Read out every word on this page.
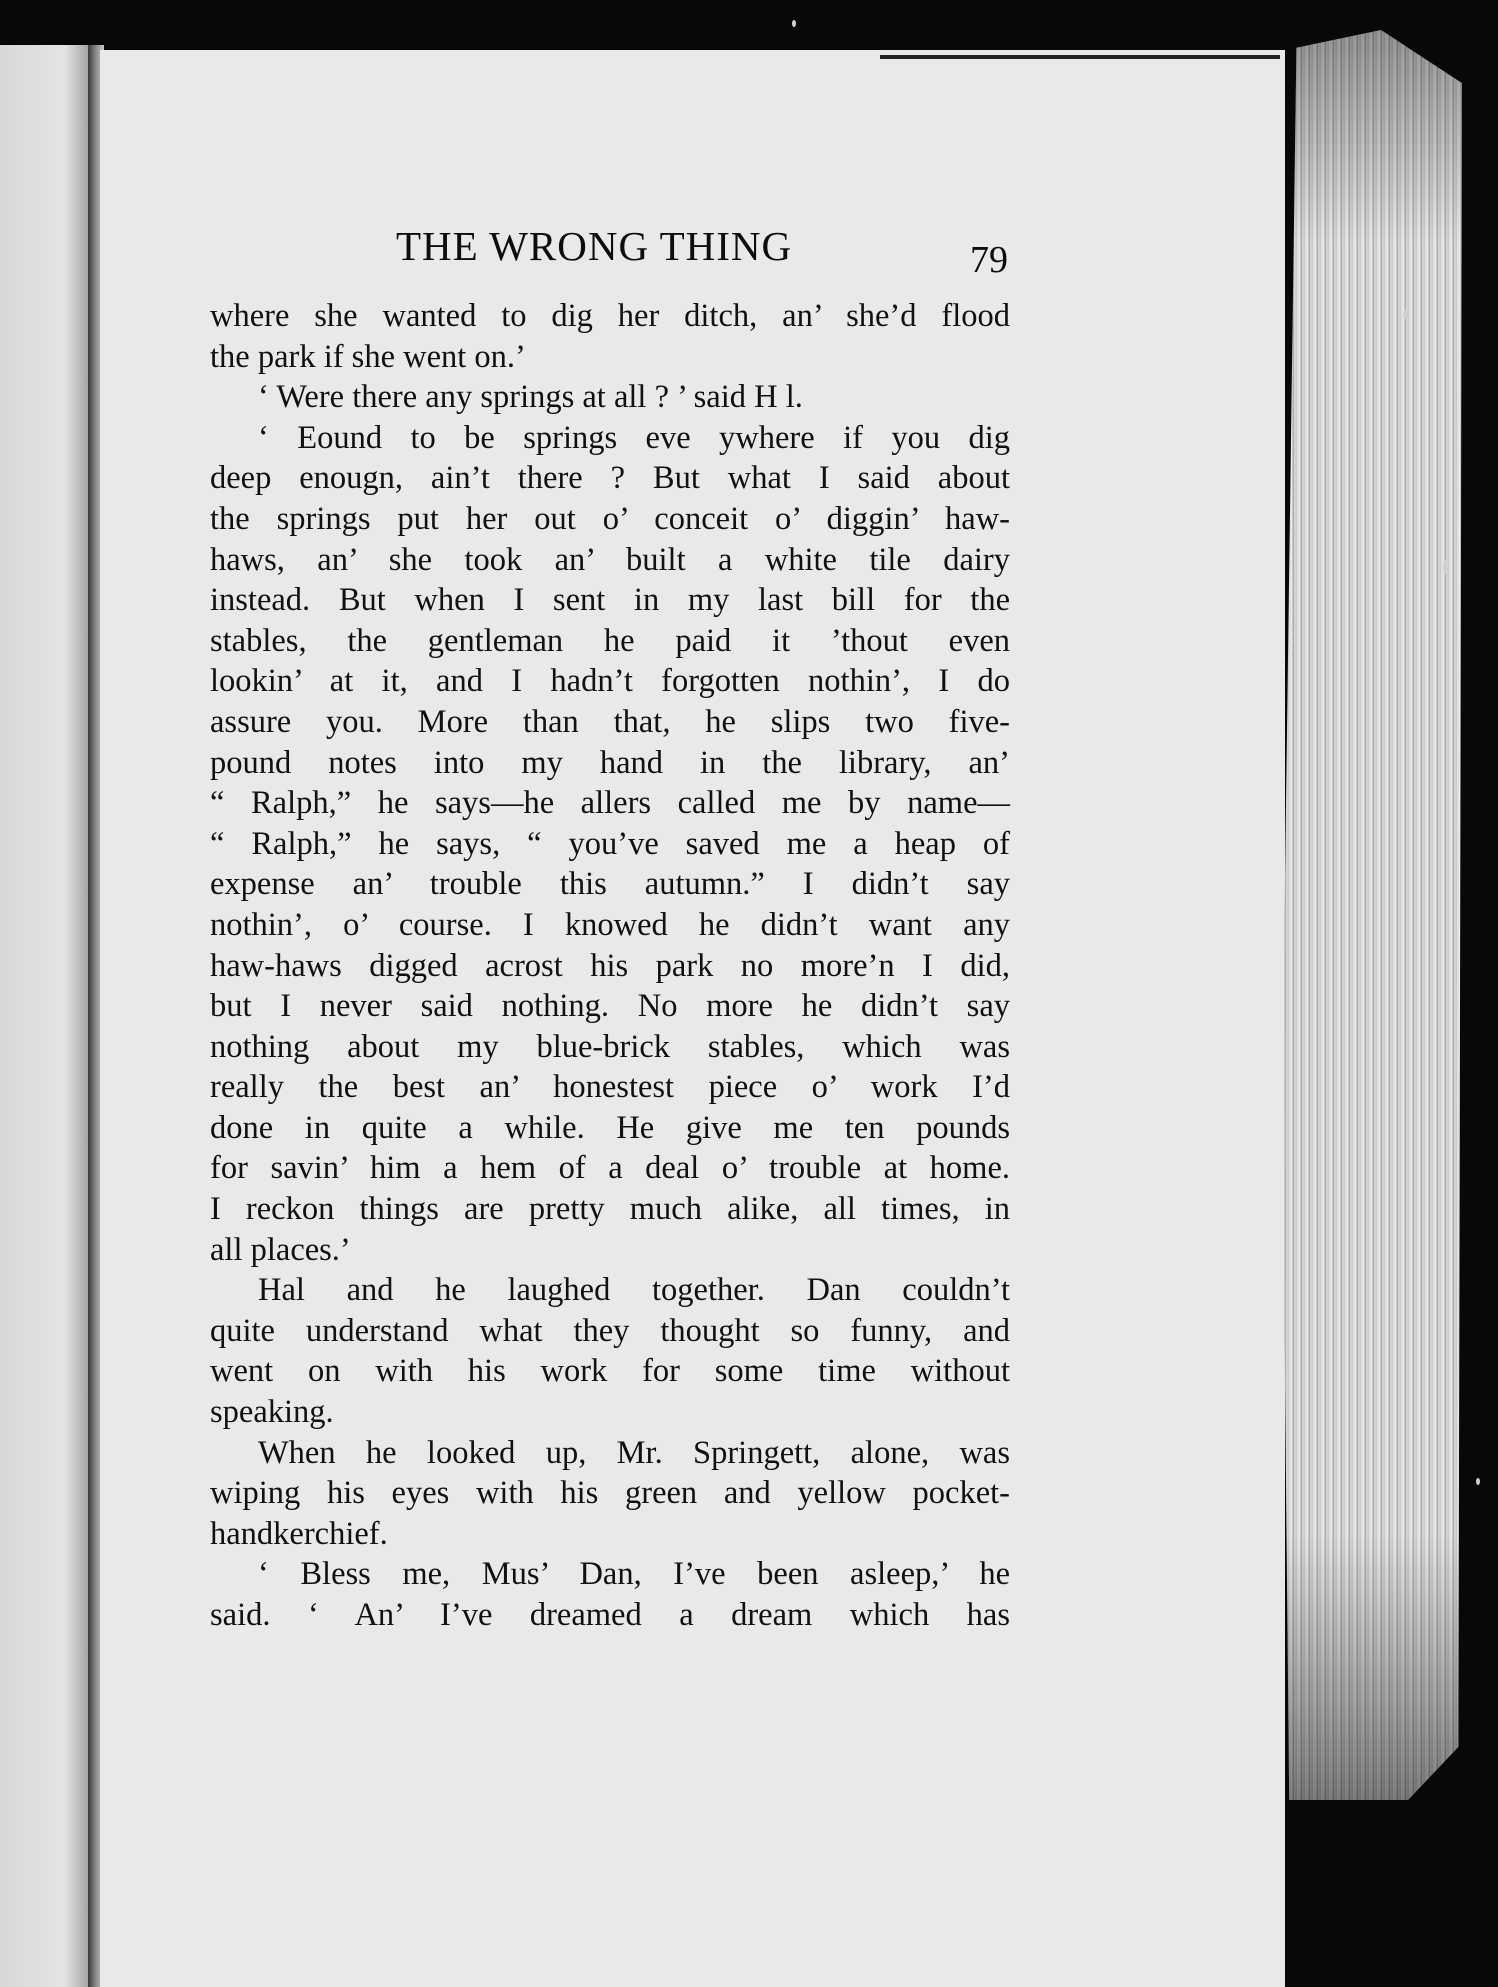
THE WRONG THING	79
where she wanted to dig her ditch, an’ she’d flood
the park if she went on.’
‘ Were there any springs at all ? ’ said H l.
‘ Eound to be springs eve ywhere if you dig
deep enougn, ain’t there ? But what I said about
the springs put her out o’ conceit o’ diggin’ haw-
haws, an’ she took an’ built a white tile dairy
instead. But when I sent in my last bill for the
stables, the gentleman he paid it ’thout even
lookin’ at it, and I hadn’t forgotten nothin’, I do
assure you. More than that, he slips two five-
pound notes into my hand in the library, an’
“ Ralph,” he says—he allers called me by name—
“ Ralph,” he says, “ you’ve saved me a heap of
expense an’ trouble this autumn.” I didn’t say
nothin’, o’ course. I knowed he didn’t want any
haw-haws digged acrost his park no more’n I did,
but I never said nothing. No more he didn’t say
nothing about my blue-brick stables, which was
really the best an’ honestest piece o’ work I’d
done in quite a while. He give me ten pounds
for savin’ him a hem of a deal o’ trouble at home.
I reckon things are pretty much alike, all times, in
all places.’
Hal and he laughed together. Dan couldn’t
quite understand what they thought so funny, and
went on with his work for some time without
speaking.
When he looked up, Mr. Springett, alone, was
wiping his eyes with his green and yellow pocket-
handkerchief.
‘ Bless me, Mus’ Dan, I’ve been asleep,’ he
said. ‘ An’ I’ve dreamed a dream which has
